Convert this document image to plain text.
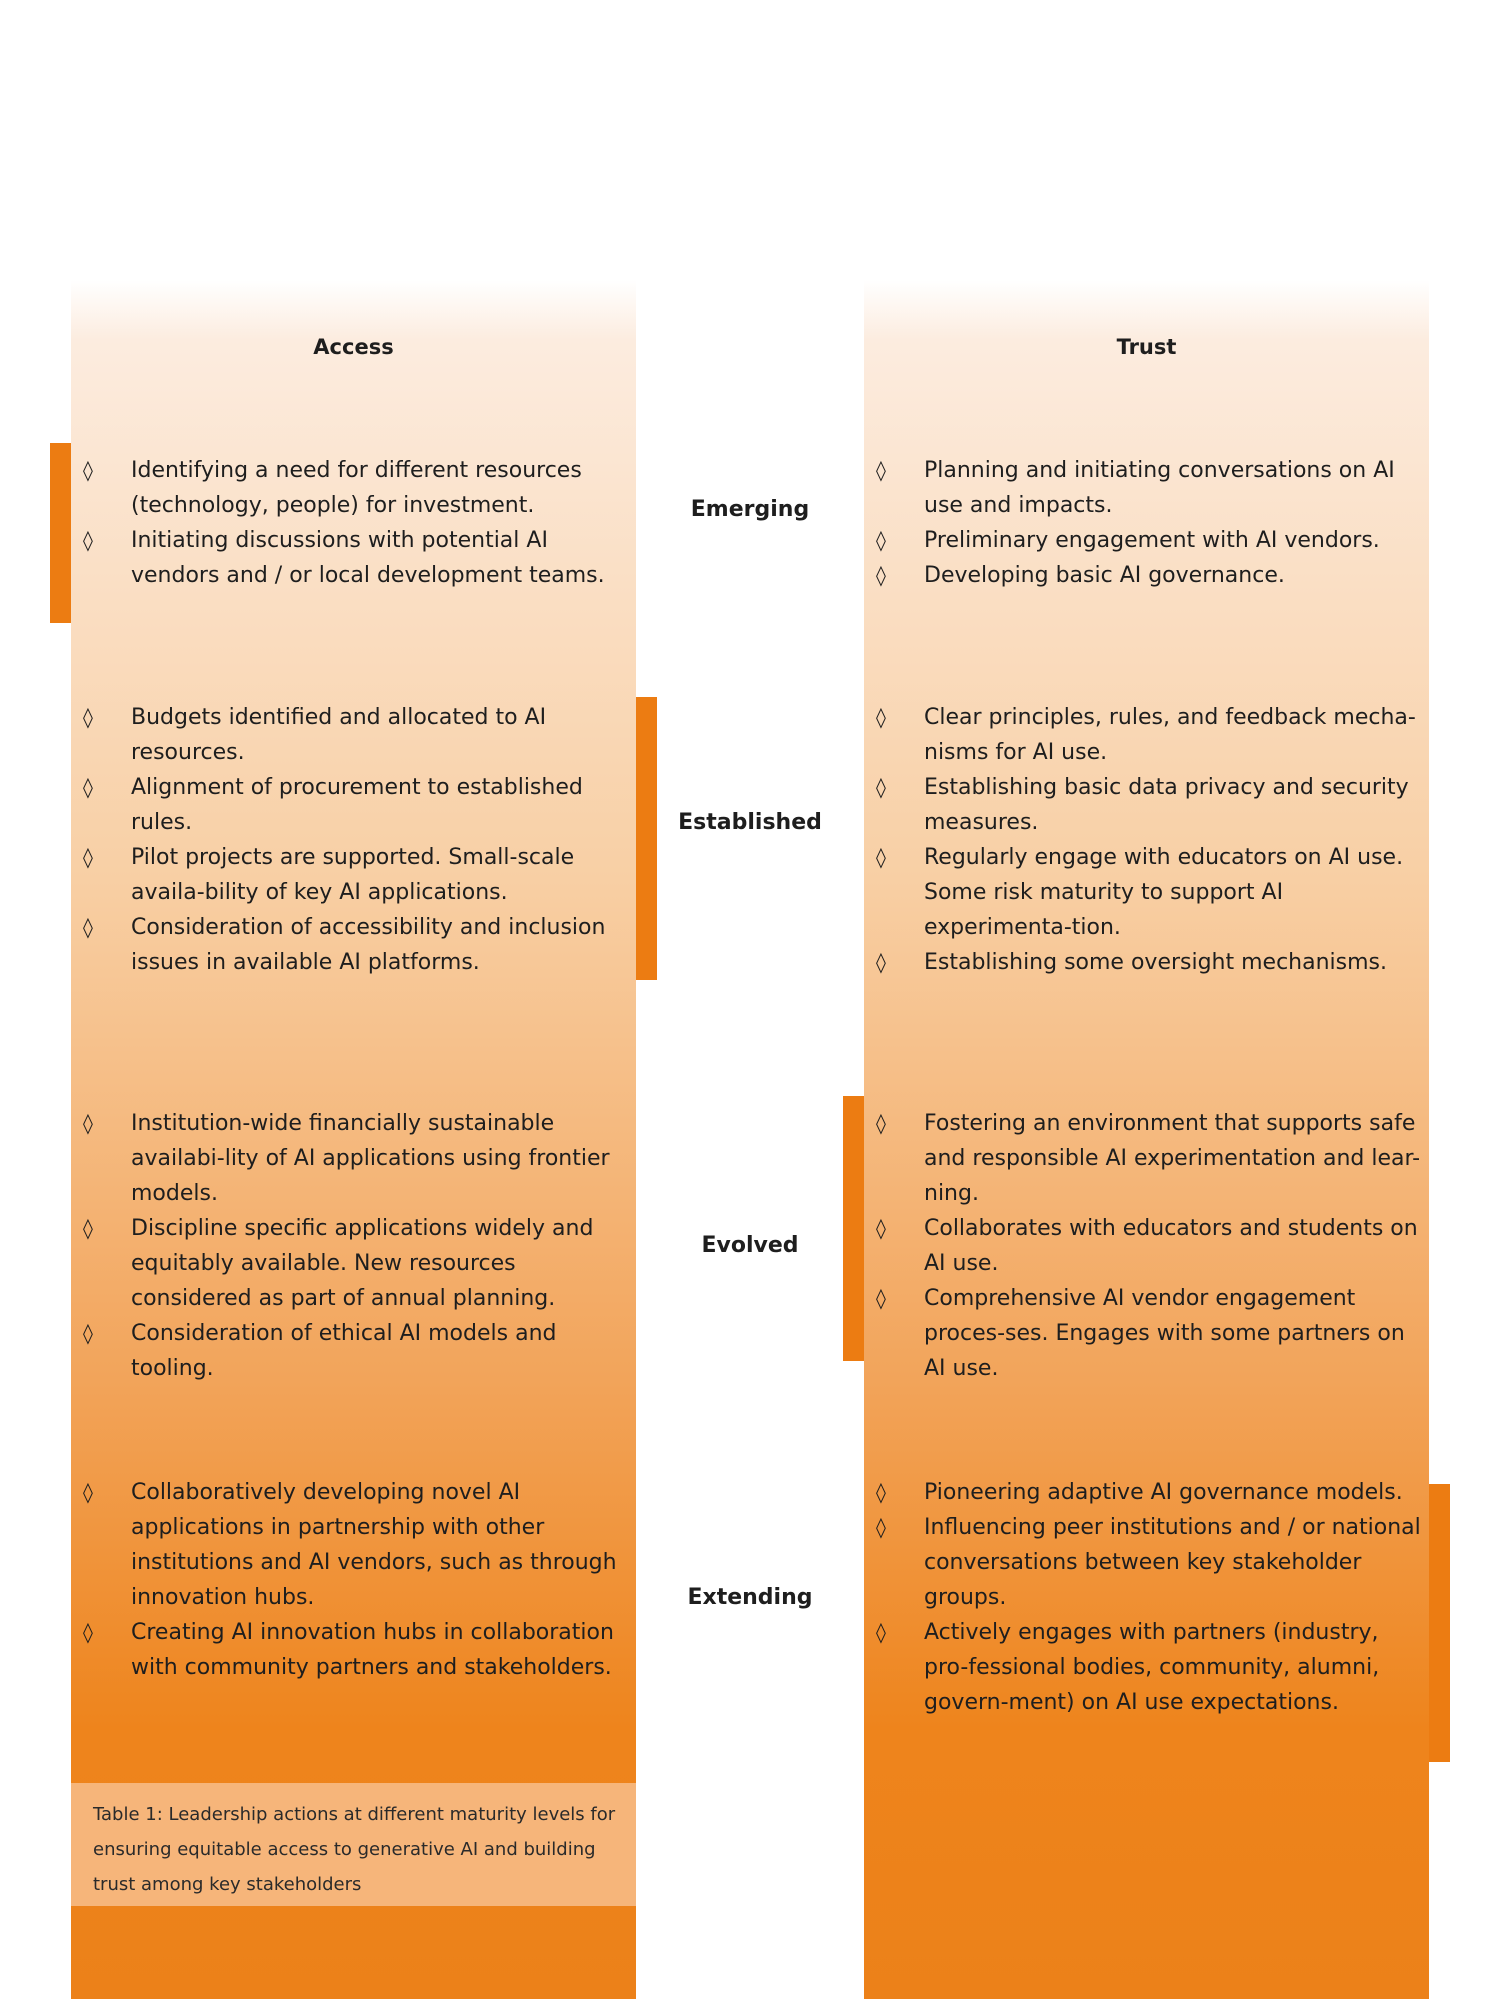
Access	Trust
Emerging
Established
Evolved
Extending
◊ Identifying a need for different resources (technology, people) for investment.
◊ Initiating discussions with potential AI vendors and / or local development teams.
◊ Planning and initiating conversations on AI use and impacts.
◊ Preliminary engagement with AI vendors.
◊ Developing basic AI governance.
◊ Budgets identified and allocated to AI resources.
◊ Alignment of procurement to established rules.
◊ Pilot projects are supported. Small-scale availa-bility of key AI applications.
◊ Consideration of accessibility and inclusion issues in available AI platforms.
◊ Clear principles, rules, and feedback mecha-nisms for AI use.
◊ Establishing basic data privacy and security measures.
◊ Regularly engage with educators on AI use. Some risk maturity to support AI experimenta-tion.
◊ Establishing some oversight mechanisms.
◊ Institution-wide financially sustainable availabi-lity of AI applications using frontier models.
◊ Discipline specific applications widely and equitably available. New resources considered as part of annual planning.
◊ Consideration of ethical AI models and tooling.
◊ Fostering an environment that supports safe and responsible AI experimentation and lear-ning.
◊ Collaborates with educators and students on AI use.
◊ Comprehensive AI vendor engagement proces-ses. Engages with some partners on AI use.
◊ Collaboratively developing novel AI applications in partnership with other institutions and AI vendors, such as through innovation hubs.
◊ Creating AI innovation hubs in collaboration with community partners and stakeholders.
◊ Pioneering adaptive AI governance models.
◊ Influencing peer institutions and / or national conversations between key stakeholder groups.
◊ Actively engages with partners (industry, pro-fessional bodies, community, alumni, govern-ment) on AI use expectations.
Table 1: Leadership actions at different maturity levels for ensuring equitable access to generative AI and building trust among key stakeholders
